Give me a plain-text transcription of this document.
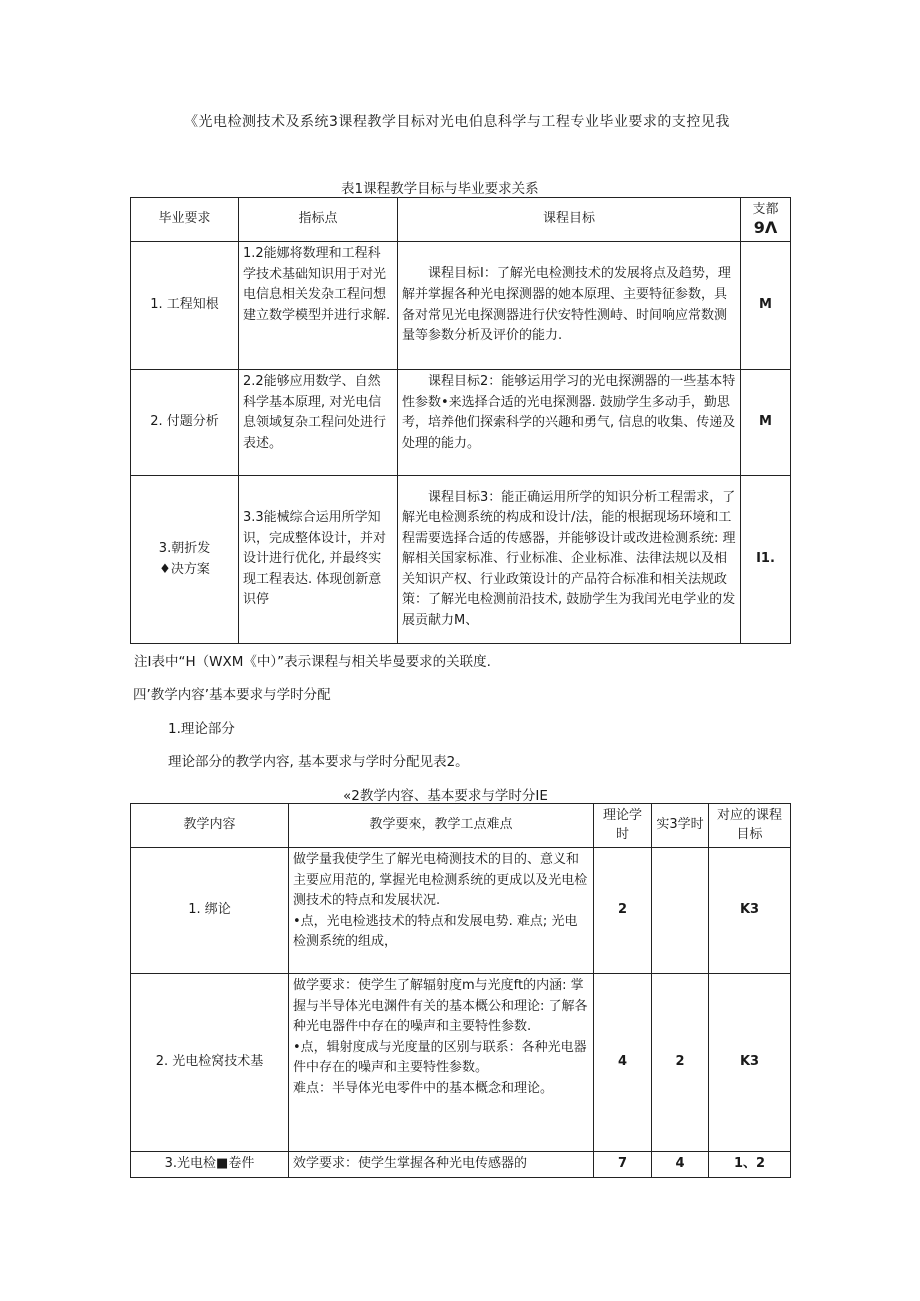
《光电检测技术及系统3课程教学目标对光电伯息科学与工程专业毕业要求的支控见我
表1课程教学目标与毕业要求关系
毕业要求	指标点	课程目标	支都
9Λ

1. 工程知根	1.2能娜将数理和工程科学技术基础知识用于对光电信息相关发杂工程问想建立数学模型并进行求解.	课程目标I：了解光电检测技术的发展将点及趋势，理解并掌握各种光电探测器的她本原理、主要特征参数，具备对常见光电探测器进行伏安特性测峙、时间响应常数测量等参数分析及评价的能力.	M
2. 付题分析	2.2能够应用数学、自然科学基本原理, 对光电信息领域复杂工程问处进行表述。	课程目标2：能够运用学习的光电探溯器的一些基本特性参数•来选择合适的光电探测器. 鼓励学生多动手，勤思考，培养他们探索科学的兴趣和勇气, 信息的收集、传递及处理的能力。	M

3.朝折发
♦决方案	3.3能械综合运用所学知识，完成整体设计，并对设计进行优化, 并最终实现工程表达. 体现创新意识停	课程目标3：能正确运用所学的知识分析工程需求，了解光电检测系统的构成和设计/法，能的根据现场环境和工程需要选择合适的传感器，并能够设计或改进检测系统: 理解相关国家标准、行业标准、企业标准、法律法规以及相关知识产权、行业政策设计的产品符合标准和相关法规政策：了解光电检测前沿技术, 鼓励学生为我闰光电学业的发展贡献力M、	I1.
注I表中“H（WXM《中）”表示课程与相关毕曼要求的关联度.
四’教学内容’基本要求与学时分配
1.理论部分
理论部分的教学内容, 基本要求与学时分配见表2。
«2教学内容、基本要求与学时分IE
教学内容	教学要來，教学工点难点	理论学时	实3学时	对应的课程目标
1. 绑论	做学量我使学生了解光电椅测技术的目的、意义和主要应用范的, 掌握光电检测系统的更成以及光电检测技术的特点和发展状况.
•点，光电检逃技术的特点和发展电势. 难点; 光电检测系统的组成，	2		K3
2. 光电检窝技术基	做学要求：使学生了解辐射度m与光度ft的内涵: 掌握与半导体光电渊件有关的基本概公和理论: 了解各种光电器件中存在的噪声和主要特性参数.
•点，辑射度成与光度量的区别与联系：各种光电器件中存在的噪声和主要特性参数。
难点：半导体光电零件中的基本概念和理论。	4	2	K3
3.光电检■卷件	效学要求：使学生掌握各种光电传感器的	7	4	1、2
